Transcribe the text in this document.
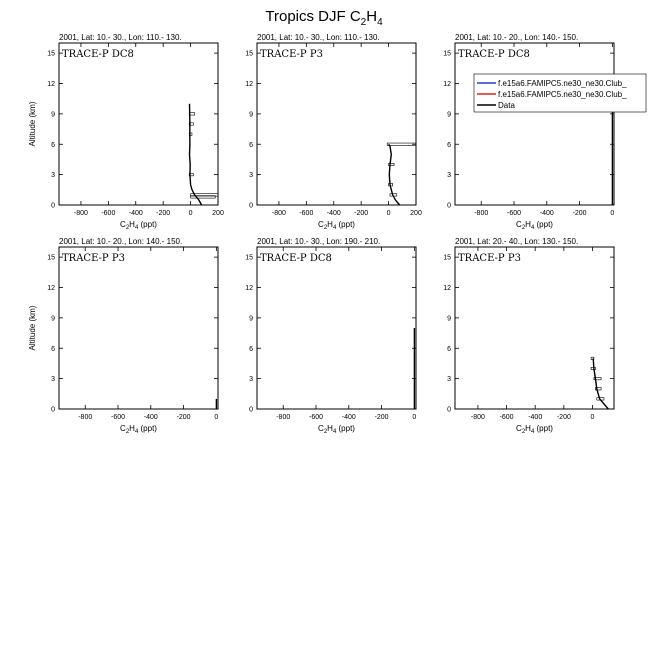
Tropics DJF $C_2H_4$
2001, Lat: 10.- 30., Lon: 110.- 130.
TRACE-P DC8
0
3
6
9
12
15
-800 -600 -400 -200	0	200
$C_2H_4$ (ppt)
Altitude (km)
2001, Lat: 10.- 30., Lon: 110.- 130.
TRACE-P P3
0
3
6
9
12
15
-800 -600 -400 -200	0	200
$C_2H_4$ (ppt)
2001, Lat: 10.- 20., Lon: 140.- 150.
TRACE-P DC8
0
3
6
9
12
15
-800	-600	-400	-200	0
$C_2H_4$ (ppt)
2001, Lat: 10.- 20., Lon: 140.- 150.
TRACE-P P3
0
3
6
9
12
15
-800	-600	-400	-200	0
$C_2H_4$ (ppt)
Altitude (km)
2001, Lat: 10.- 30., Lon: 190.- 210.
TRACE-P DC8
0
3
6
9
12
15
-800	-600	-400	-200	0
$C_2H_4$ (ppt)
2001, Lat: 20.- 40., Lon: 130.- 150.
TRACE-P P3
0
3
6
9
12
15
-800 -600 -400 -200	0
$C_2H_4$ (ppt)
f.e15a6.FAMIPC5.ne30_ne30.Club_
f.e15a6.FAMIPC5.ne30_ne30.Club_
Data
